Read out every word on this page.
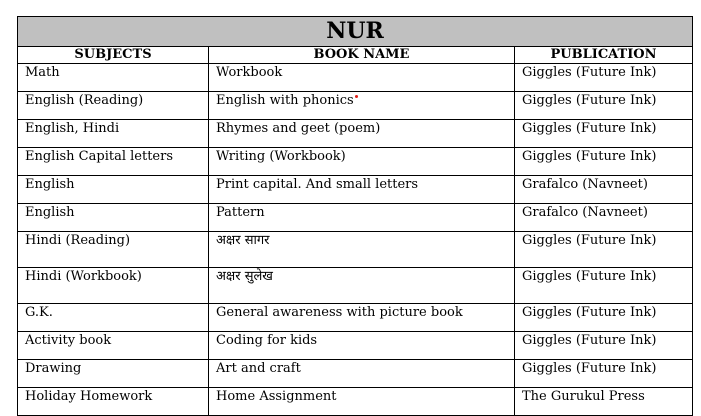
NUR		
SUBJECTS	BOOK NAME	PUBLICATION
Math	Workbook	Giggles (Future Ink)
English (Reading)	English with phonics	Giggles (Future Ink)
English, Hindi	Rhymes and geet (poem)	Giggles (Future Ink)
English Capital letters	Writing (Workbook)	Giggles (Future Ink)
English	Print capital. And small letters	Grafalco (Navneet)
English	Pattern	Grafalco (Navneet)
Hindi (Reading)	अक्षर सागर	Giggles (Future Ink)
Hindi (Workbook)	अक्षर सुलेख	Giggles (Future Ink)
G.K.	General awareness with picture book	Giggles (Future Ink)
Activity book	Coding for kids	Giggles (Future Ink)
Drawing	Art and craft	Giggles (Future Ink)
Holiday Homework	Home Assignment	The Gurukul Press
